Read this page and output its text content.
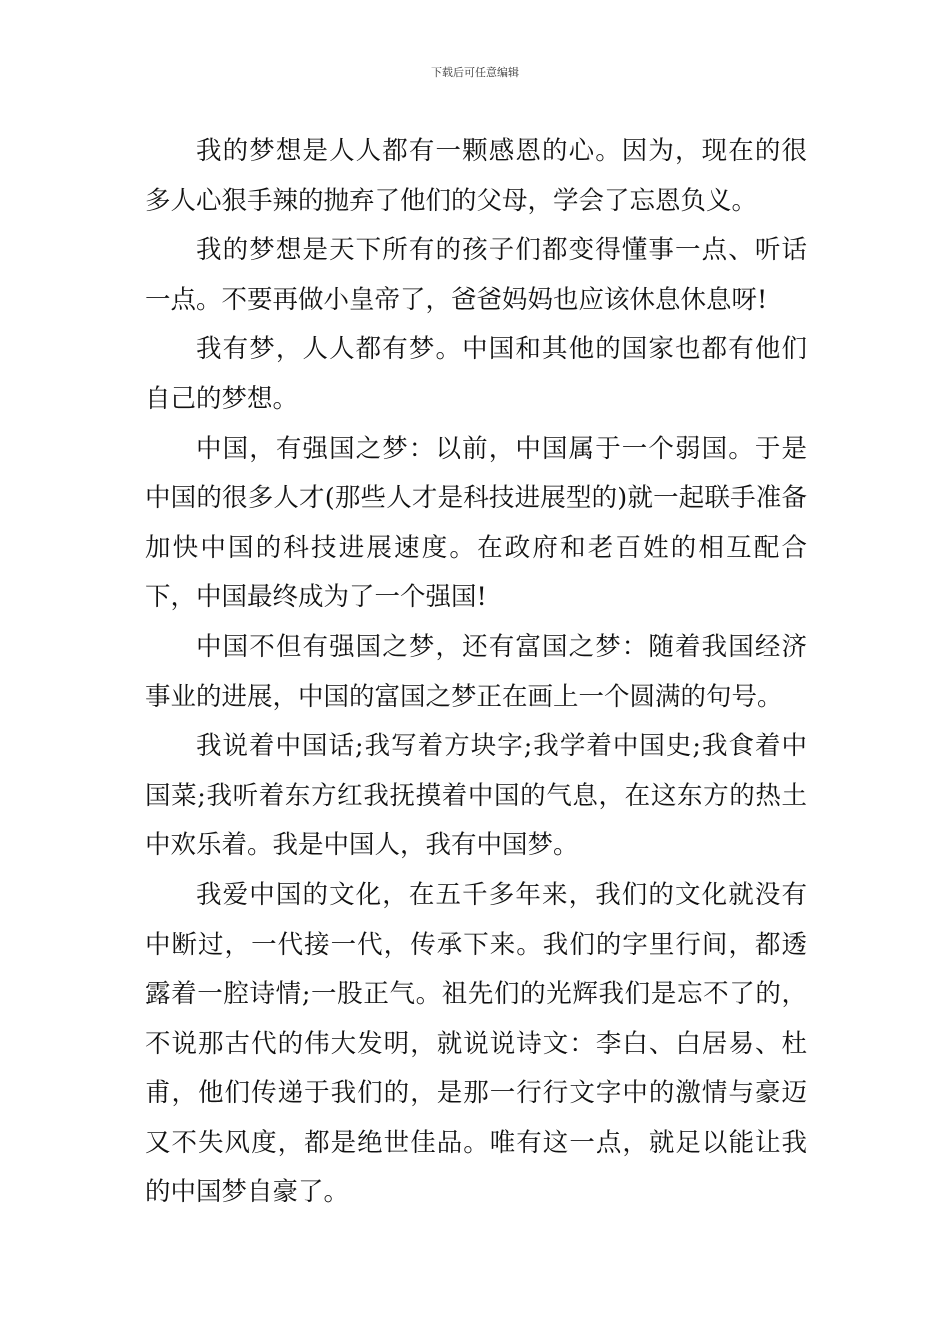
下载后可任意编辑

我的梦想是人人都有一颗感恩的心。因为，现在的很多人心狠手辣的抛弃了他们的父母，学会了忘恩负义。

我的梦想是天下所有的孩子们都变得懂事一点、听话一点。不要再做小皇帝了，爸爸妈妈也应该休息休息呀!

我有梦，人人都有梦。中国和其他的国家也都有他们自己的梦想。

中国，有强国之梦：以前，中国属于一个弱国。于是中国的很多人才(那些人才是科技进展型的)就一起联手准备加快中国的科技进展速度。在政府和老百姓的相互配合下，中国最终成为了一个强国!

中国不但有强国之梦，还有富国之梦：随着我国经济事业的进展，中国的富国之梦正在画上一个圆满的句号。

我说着中国话;我写着方块字;我学着中国史;我食着中国菜;我听着东方红我抚摸着中国的气息，在这东方的热土中欢乐着。我是中国人，我有中国梦。

我爱中国的文化，在五千多年来，我们的文化就没有中断过，一代接一代，传承下来。我们的字里行间，都透露着一腔诗情;一股正气。祖先们的光辉我们是忘不了的，不说那古代的伟大发明，就说说诗文：李白、白居易、杜甫，他们传递于我们的，是那一行行文字中的激情与豪迈又不失风度，都是绝世佳品。唯有这一点，就足以能让我的中国梦自豪了。
